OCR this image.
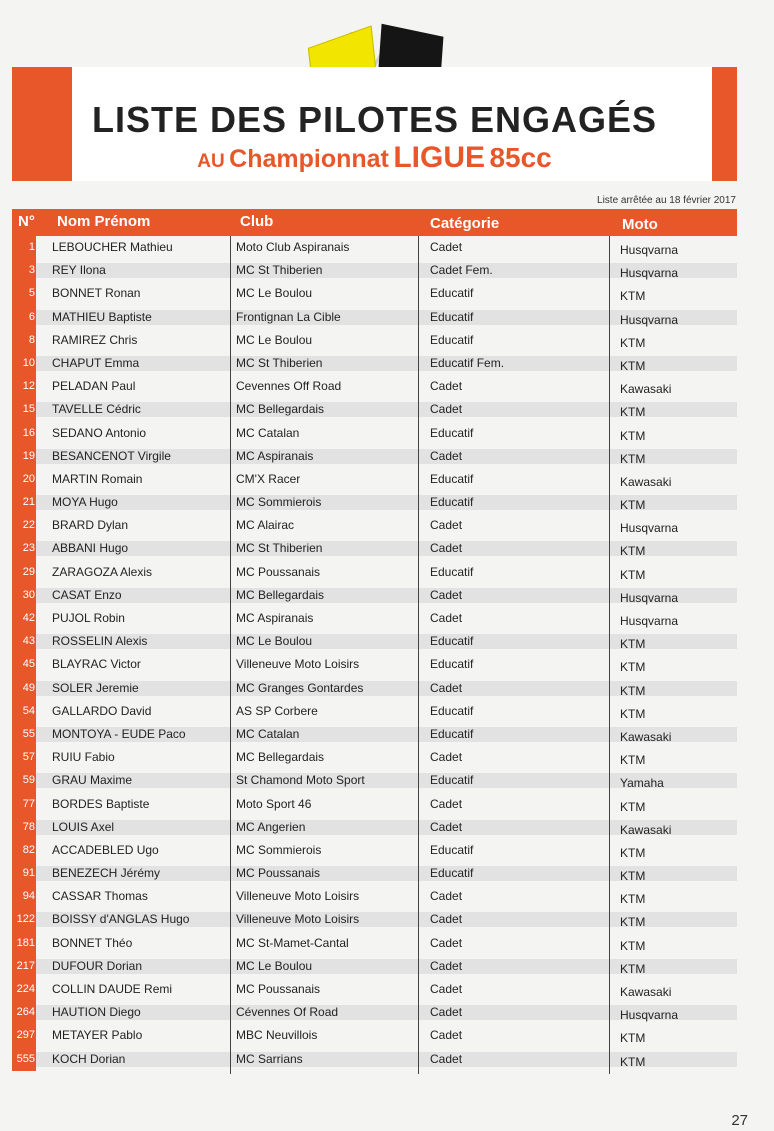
LISTE DES PILOTES ENGAGÉS
AU Championnat LIGUE 85cc
Liste arrêtée au 18 février 2017
N° Nom Prénom	Club	Catégorie	Moto
1 LEBOUCHER Mathieu	Moto Club Aspiranais	Cadet	Husqvarna
3 REY Ilona	MC St Thiberien	Cadet Fem.	Husqvarna
5 BONNET Ronan	MC Le Boulou	Educatif	KTM
6 MATHIEU Baptiste	Frontignan La Cible	Educatif	Husqvarna
8 RAMIREZ Chris	MC Le Boulou	Educatif	KTM
10 CHAPUT Emma	MC St Thiberien	Educatif Fem.	KTM
12 PELADAN Paul	Cevennes Off Road	Cadet	Kawasaki
15 TAVELLE Cédric	MC Bellegardais	Cadet	KTM
16 SEDANO Antonio	MC Catalan	Educatif	KTM
19 BESANCENOT Virgile	MC Aspiranais	Cadet	KTM
20 MARTIN Romain	CM'X Racer	Educatif	Kawasaki
21 MOYA Hugo	MC Sommierois	Educatif	KTM
22 BRARD Dylan	MC Alairac	Cadet	Husqvarna
23 ABBANI Hugo	MC St Thiberien	Cadet	KTM
29 ZARAGOZA Alexis	MC Poussanais	Educatif	KTM
30 CASAT Enzo	MC Bellegardais	Cadet	Husqvarna
42 PUJOL Robin	MC Aspiranais	Cadet	Husqvarna
43 ROSSELIN Alexis	MC Le Boulou	Educatif	KTM
45 BLAYRAC Victor	Villeneuve Moto Loisirs	Educatif	KTM
49 SOLER Jeremie	MC Granges Gontardes	Cadet	KTM
54 GALLARDO David	AS SP Corbere	Educatif	KTM
55 MONTOYA - EUDE Paco	MC Catalan	Educatif	Kawasaki
57 RUIU Fabio	MC Bellegardais	Cadet	KTM
59 GRAU Maxime	St Chamond Moto Sport	Educatif	Yamaha
77 BORDES Baptiste	Moto Sport 46	Cadet	KTM
78 LOUIS Axel	MC Angerien	Cadet	Kawasaki
82 ACCADEBLED Ugo	MC Sommierois	Educatif	KTM
91 BENEZECH Jérémy	MC Poussanais	Educatif	KTM
94 CASSAR Thomas	Villeneuve Moto Loisirs	Cadet	KTM
122 BOISSY d'ANGLAS Hugo	Villeneuve Moto Loisirs	Cadet	KTM
181 BONNET Théo	MC St-Mamet-Cantal	Cadet	KTM
217 DUFOUR Dorian	MC Le Boulou	Cadet	KTM
224 COLLIN DAUDE Remi	MC Poussanais	Cadet	Kawasaki
264 HAUTION Diego	Cévennes Of Road	Cadet	Husqvarna
297 METAYER Pablo	MBC Neuvillois	Cadet	KTM
555 KOCH Dorian	MC Sarrians	Cadet	KTM
27
